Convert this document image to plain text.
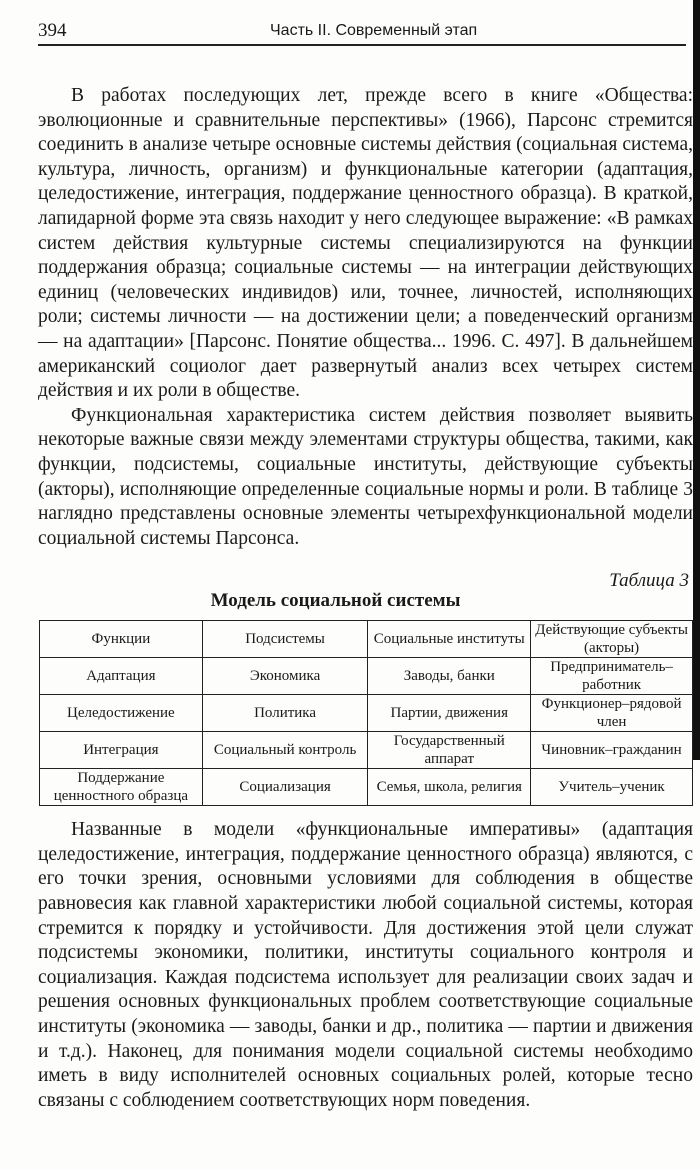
394	Часть II. Современный этап

В работах последующих лет, прежде всего в книге «Общества: эволюционные и сравнительные перспективы» (1966), Парсонс стремится соединить в анализе четыре основные системы действия (социальная система, культура, личность, организм) и функциональные категории (адаптация, целедостижение, интеграция, поддержание ценностного образца). В краткой, лапидарной форме эта связь находит у него следующее выражение: «В рамках систем действия культурные системы специализируются на функции поддержания образца; социальные системы — на интеграции действующих единиц (человеческих индивидов) или, точнее, личностей, исполняющих роли; системы личности — на достижении цели; а поведенческий организм — на адаптации» [Парсонс. Понятие общества... 1996. С. 497]. В дальнейшем американский социолог дает развернутый анализ всех четырех систем действия и их роли в обществе.

Функциональная характеристика систем действия позволяет выявить некоторые важные связи между элементами структуры общества, такими, как функции, подсистемы, социальные институты, действующие субъекты (акторы), исполняющие определенные социальные нормы и роли. В таблице 3 наглядно представлены основные элементы четырехфункциональной модели социальной системы Парсонса.

Таблица 3
Модель социальной системы
Функции	Подсистемы	Социальные институты	Действующие субъекты (акторы)
Адаптация	Экономика	Заводы, банки	Предприниматель–работник
Целедостижение	Политика	Партии, движения	Функционер–рядовой член
Интеграция	Социальный контроль	Государственный аппарат	Чиновник–гражданин
Поддержание ценностного образца	Социализация	Семья, школа, религия	Учитель–ученик

Названные в модели «функциональные императивы» (адаптация целедостижение, интеграция, поддержание ценностного образца) являются, с его точки зрения, основными условиями для соблюдения в обществе равновесия как главной характеристики любой социальной системы, которая стремится к порядку и устойчивости. Для достижения этой цели служат подсистемы экономики, политики, институты социального контроля и социализация. Каждая подсистема использует для реализации своих задач и решения основных функциональных проблем соответствующие социальные институты (экономика — заводы, банки и др., политика — партии и движения и т.д.). Наконец, для понимания модели социальной системы необходимо иметь в виду исполнителей основных социальных ролей, которые тесно связаны с соблюдением соответствующих норм поведения.
